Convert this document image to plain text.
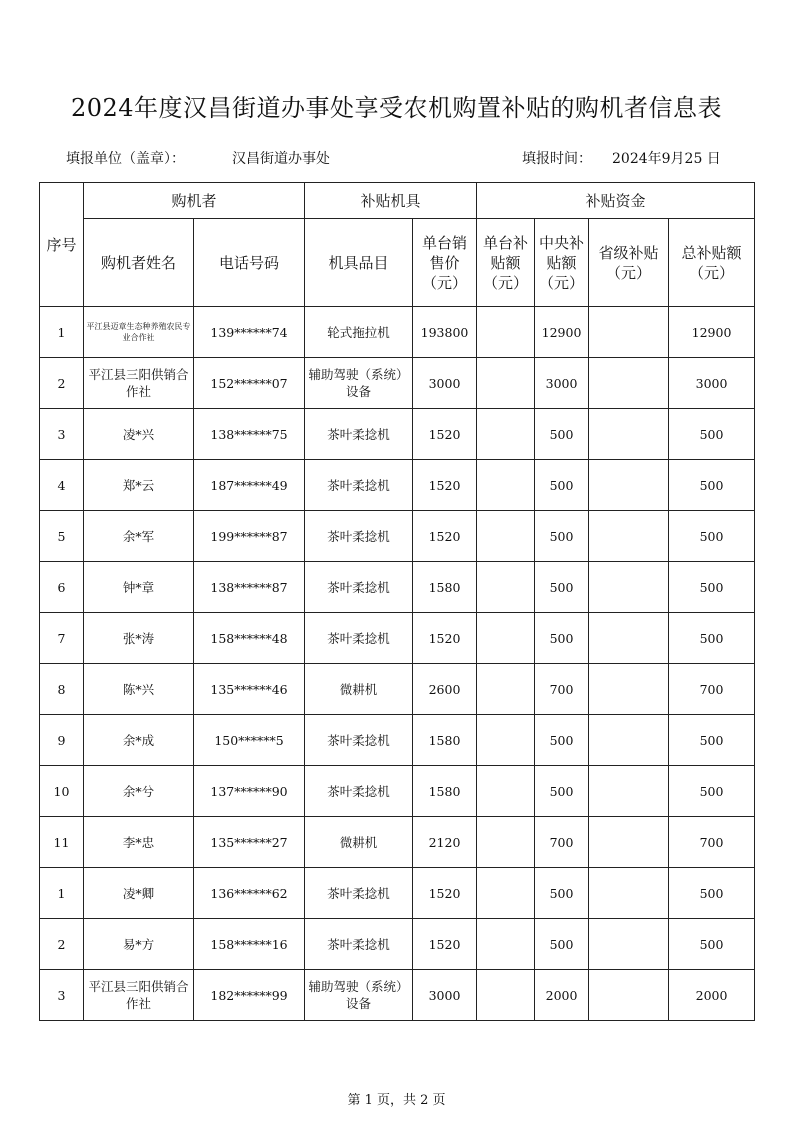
2024年度汉昌街道办事处享受农机购置补贴的购机者信息表
填报单位（盖章）：	汉昌街道办事处	填报时间： 2024年9月25 日
序号	购机者		补贴机具		补贴资金			
	购机者姓名	电话号码	机具品目	单台销售价（元）	单台补贴额（元）	中央补贴额（元）	省级补贴（元）	总补贴额（元）
1	平江县迈章生态种养殖农民专业合作社	139******74	轮式拖拉机	193800		12900		12900
2	平江县三阳供销合作社	152******07	辅助驾驶（系统）设备	3000		3000		3000
3	凌*兴	138******75	茶叶柔捻机	1520		500		500
4	郑*云	187******49	茶叶柔捻机	1520		500		500
5	余*军	199******87	茶叶柔捻机	1520		500		500
6	钟*章	138******87	茶叶柔捻机	1580		500		500
7	张*涛	158******48	茶叶柔捻机	1520		500		500
8	陈*兴	135******46	微耕机	2600		700		700
9	余*成	150******5	茶叶柔捻机	1580		500		500
10	余*兮	137******90	茶叶柔捻机	1580		500		500
11	李*忠	135******27	微耕机	2120		700		700
1	凌*卿	136******62	茶叶柔捻机	1520		500		500
2	易*方	158******16	茶叶柔捻机	1520		500		500
3	平江县三阳供销合作社	182******99	辅助驾驶（系统）设备	3000		2000		2000
第 1 页，共 2 页
